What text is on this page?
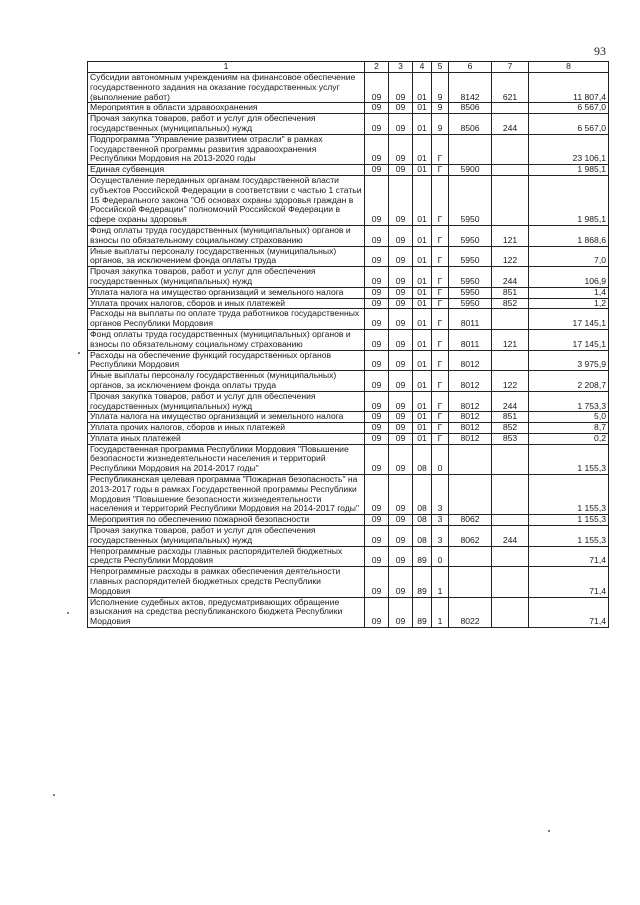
93
1	2	3	4	5	6	7	8
Субсидии автономным учреждениям на финансовое обеспечение государственного задания на оказание государственных услуг (выполнение работ)	09	09	01	9	8142	621	11 807,4
Мероприятия в области здравоохранения	09	09	01	9	8506		6 567,0
Прочая закупка товаров, работ и услуг для обеспечения государственных (муниципальных) нужд	09	09	01	9	8506	244	6 567,0
Подпрограмма "Управление развитием отрасли" в рамках Государственной программы развития здравоохранения Республики Мордовия на 2013-2020 годы	09	09	01	Г			23 106,1
Единая субвенция	09	09	01	Г	5900		1 985,1
Осуществление переданных органам государственной власти субъектов Российской Федерации в соответствии с частью 1 статьи 15 Федерального закона "Об основах охраны здоровья граждан в Российской Федерации" полномочий Российской Федерации в сфере охраны здоровья	09	09	01	Г	5950		1 985,1
Фонд оплаты труда государственных (муниципальных) органов и взносы по обязательному социальному страхованию	09	09	01	Г	5950	121	1 868,6
Иные выплаты персоналу государственных (муниципальных) органов, за исключением фонда оплаты труда	09	09	01	Г	5950	122	7,0
Прочая закупка товаров, работ и услуг для обеспечения государственных (муниципальных) нужд	09	09	01	Г	5950	244	106,9
Уплата налога на имущество организаций и земельного налога	09	09	01	Г	5950	851	1,4
Уплата прочих налогов, сборов и иных платежей	09	09	01	Г	5950	852	1,2
Расходы на выплаты по оплате труда работников государственных органов Республики Мордовия	09	09	01	Г	8011		17 145,1
Фонд оплаты труда государственных (муниципальных) органов и взносы по обязательному социальному страхованию	09	09	01	Г	8011	121	17 145,1
Расходы на обеспечение функций государственных органов Республики Мордовия	09	09	01	Г	8012		3 975,9
Иные выплаты персоналу государственных (муниципальных) органов, за исключением фонда оплаты труда	09	09	01	Г	8012	122	2 208,7
Прочая закупка товаров, работ и услуг для обеспечения государственных (муниципальных) нужд	09	09	01	Г	8012	244	1 753,3
Уплата налога на имущество организаций и земельного налога	09	09	01	Г	8012	851	5,0
Уплата прочих налогов, сборов и иных платежей	09	09	01	Г	8012	852	8,7
Уплата иных платежей	09	09	01	Г	8012	853	0,2
Государственная программа Республики Мордовия "Повышение безопасности жизнедеятельности населения и территорий Республики Мордовия на 2014-2017 годы"	09	09	08	0			1 155,3
Республиканская целевая программа "Пожарная безопасность" на 2013-2017 годы в рамках Государственной программы Республики Мордовия "Повышение безопасности жизнедеятельности населения и территорий Республики Мордовия на 2014-2017 годы"	09	09	08	3			1 155,3
Мероприятия по обеспечению пожарной безопасности	09	09	08	3	8062		1 155,3
Прочая закупка товаров, работ и услуг для обеспечения государственных (муниципальных) нужд	09	09	08	3	8062	244	1 155,3
Непрограммные расходы главных распорядителей бюджетных средств Республики Мордовия	09	09	89	0			71,4
Непрограммные расходы в рамках обеспечения деятельности главных распорядителей бюджетных средств Республики Мордовия	09	09	89	1			71,4
Исполнение судебных актов, предусматривающих обращение взыскания на средства республиканского бюджета Республики Мордовия	09	09	89	1	8022		71,4
